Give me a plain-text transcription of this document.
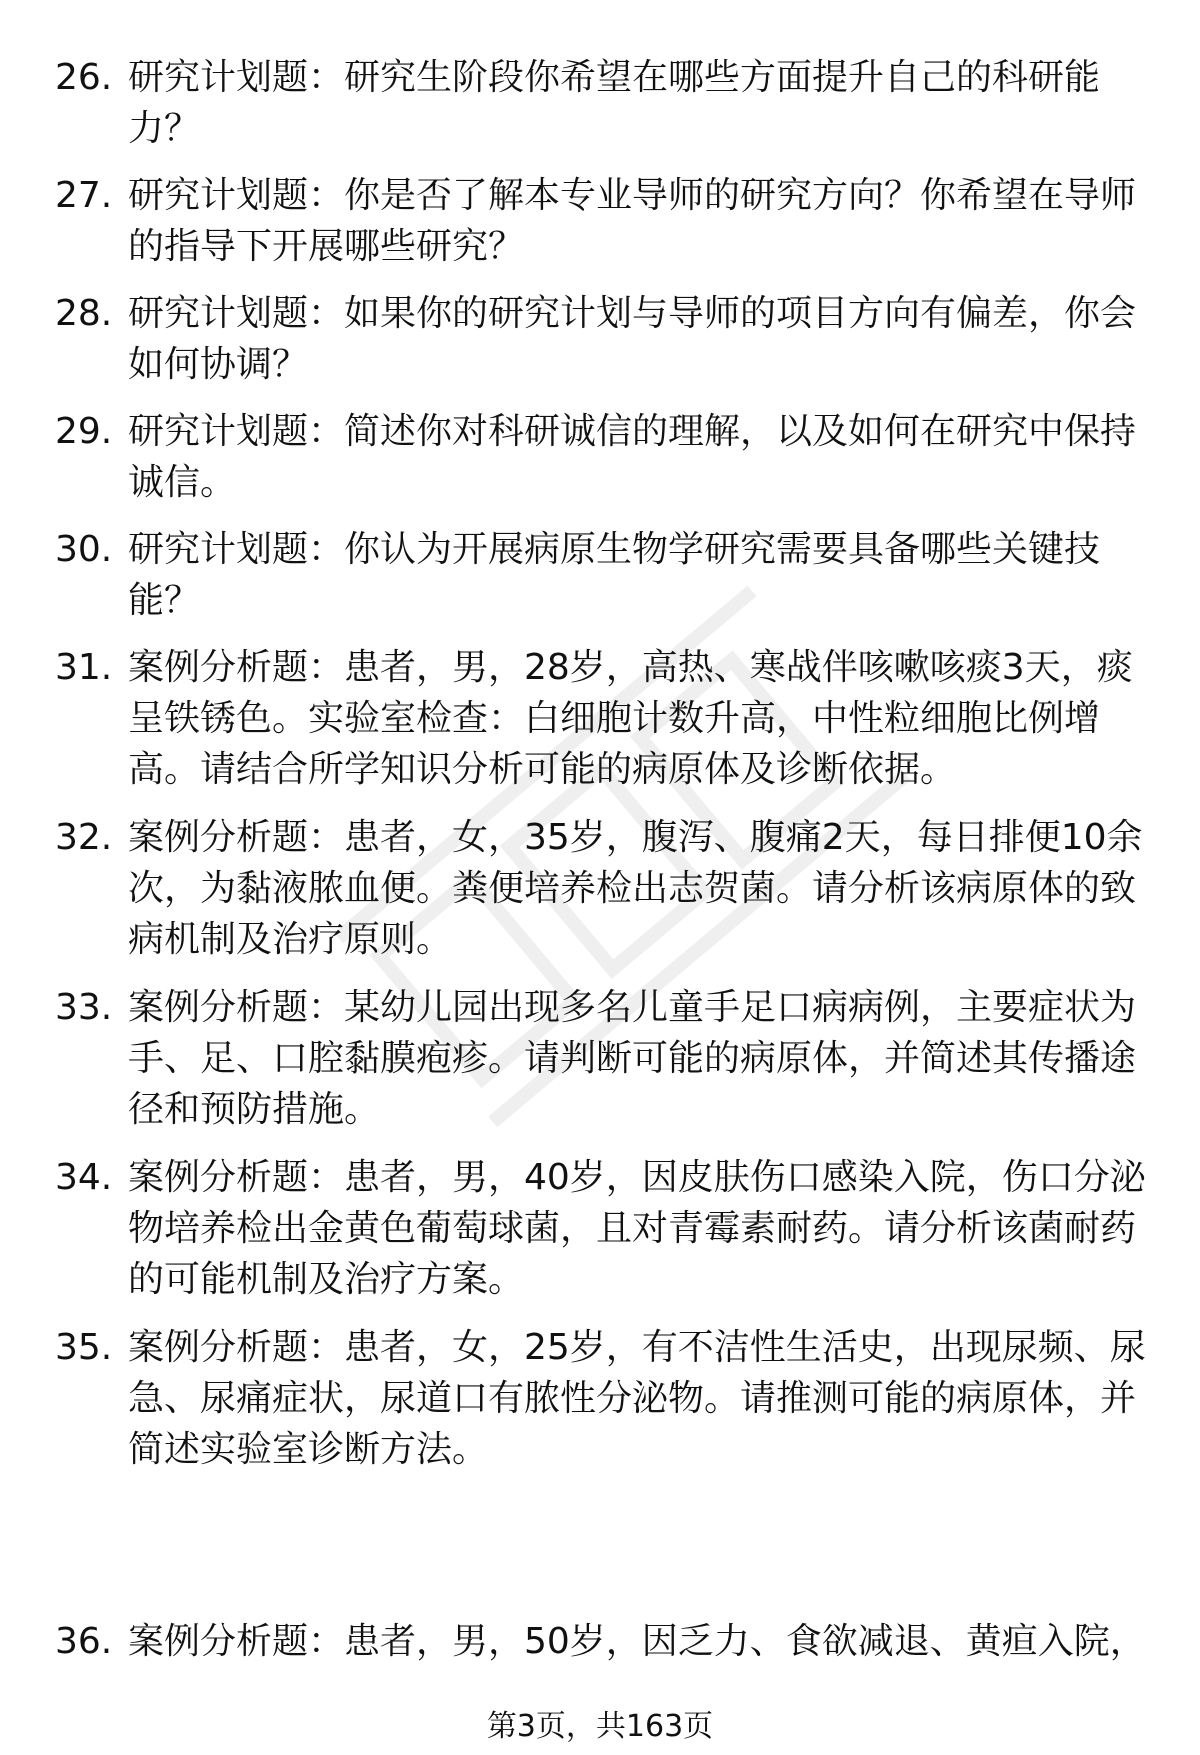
26. 研究计划题：研究生阶段你希望在哪些方面提升自己的科研能力？
27. 研究计划题：你是否了解本专业导师的研究方向？你希望在导师的指导下开展哪些研究？
28. 研究计划题：如果你的研究计划与导师的项目方向有偏差，你会如何协调？
29. 研究计划题：简述你对科研诚信的理解，以及如何在研究中保持诚信。
30. 研究计划题：你认为开展病原生物学研究需要具备哪些关键技能？
31. 案例分析题：患者，男，28岁，高热、寒战伴咳嗽咳痰3天，痰呈铁锈色。实验室检查：白细胞计数升高，中性粒细胞比例增高。请结合所学知识分析可能的病原体及诊断依据。
32. 案例分析题：患者，女，35岁，腹泻、腹痛2天，每日排便10余次，为黏液脓血便。粪便培养检出志贺菌。请分析该病原体的致病机制及治疗原则。
33. 案例分析题：某幼儿园出现多名儿童手足口病病例，主要症状为手、足、口腔黏膜疱疹。请判断可能的病原体，并简述其传播途径和预防措施。
34. 案例分析题：患者，男，40岁，因皮肤伤口感染入院，伤口分泌物培养检出金黄色葡萄球菌，且对青霉素耐药。请分析该菌耐药的可能机制及治疗方案。
35. 案例分析题：患者，女，25岁，有不洁性生活史，出现尿频、尿急、尿痛症状，尿道口有脓性分泌物。请推测可能的病原体，并简述实验室诊断方法。
36. 案例分析题：患者，男，50岁，因乏力、食欲减退、黄疸入院，
第3页，共163页
